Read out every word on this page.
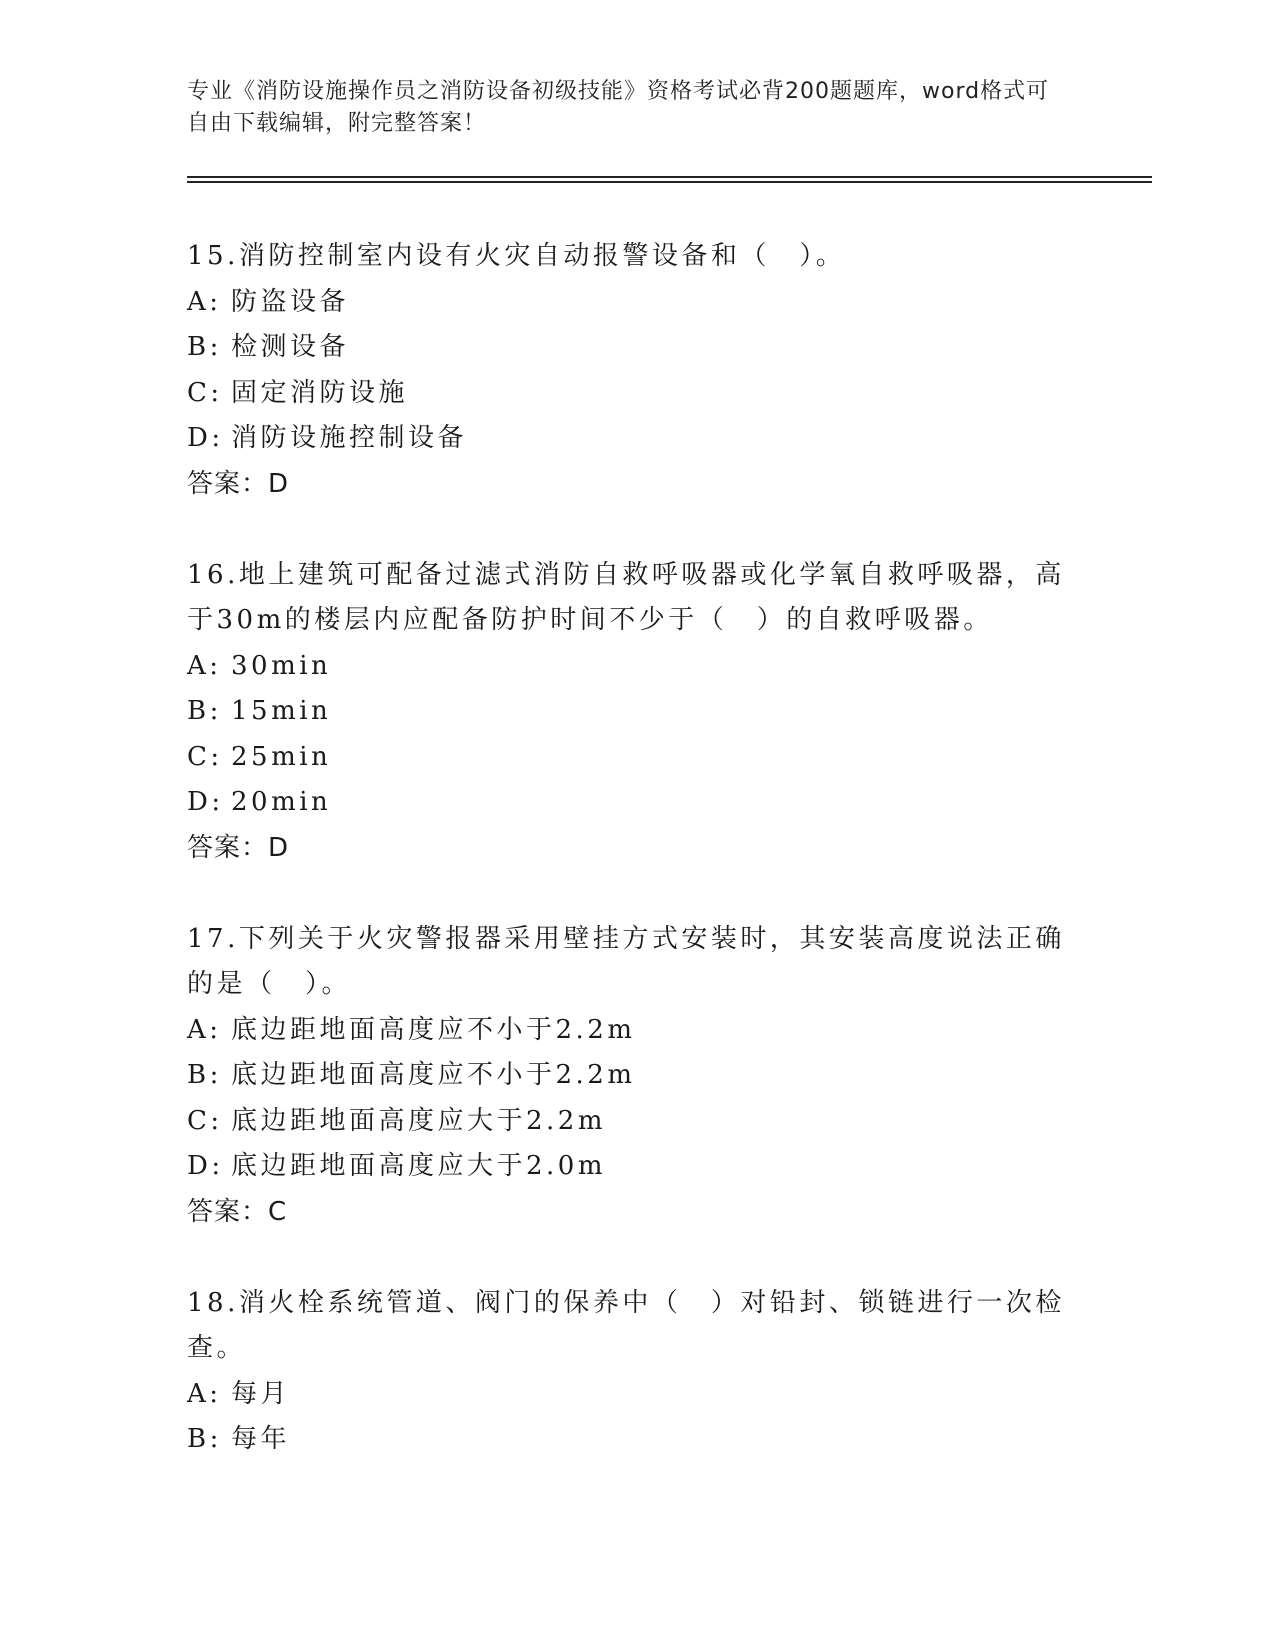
专业《消防设施操作员之消防设备初级技能》资格考试必背200题题库，word格式可自由下载编辑，附完整答案！

15.消防控制室内设有火灾自动报警设备和（　）。

A: 防盗设备

B: 检测设备

C: 固定消防设施

D: 消防设施控制设备

答案：D

16.地上建筑可配备过滤式消防自救呼吸器或化学氧自救呼吸器，高于30m的楼层内应配备防护时间不少于（　）的自救呼吸器。

A: 30min

B: 15min

C: 25min

D: 20min

答案：D

17.下列关于火灾警报器采用壁挂方式安装时，其安装高度说法正确的是（　）。

A: 底边距地面高度应不小于2.2m

B: 底边距地面高度应不小于2.2m

C: 底边距地面高度应大于2.2m

D: 底边距地面高度应大于2.0m

答案：C

18.消火栓系统管道、阀门的保养中（　）对铅封、锁链进行一次检查。

A: 每月

B: 每年
